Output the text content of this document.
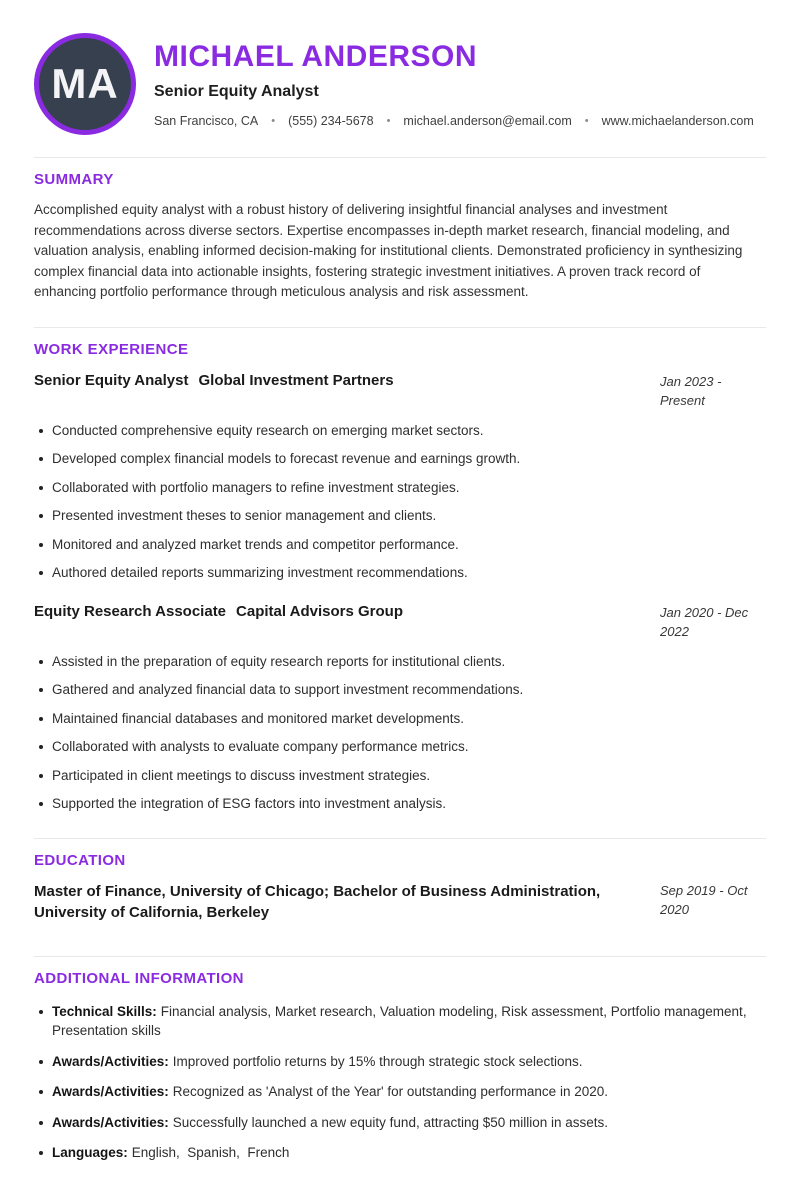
MA
MICHAEL ANDERSON
Senior Equity Analyst
San Francisco, CA • (555) 234-5678 • michael.anderson@email.com • www.michaelanderson.com
SUMMARY

Accomplished equity analyst with a robust history of delivering insightful financial analyses and investment recommendations across diverse sectors. Expertise encompasses in-depth market research, financial modeling, and valuation analysis, enabling informed decision-making for institutional clients. Demonstrated proficiency in synthesizing complex financial data into actionable insights, fostering strategic investment initiatives. A proven track record of enhancing portfolio performance through meticulous analysis and risk assessment.

WORK EXPERIENCE
Senior Equity Analyst Global Investment Partners	Jan 2023 - Present
Conducted comprehensive equity research on emerging market sectors.
Developed complex financial models to forecast revenue and earnings growth.
Collaborated with portfolio managers to refine investment strategies.
Presented investment theses to senior management and clients.
Monitored and analyzed market trends and competitor performance.
Authored detailed reports summarizing investment recommendations.
Equity Research Associate Capital Advisors Group	Jan 2020 - Dec 2022
Assisted in the preparation of equity research reports for institutional clients.
Gathered and analyzed financial data to support investment recommendations.
Maintained financial databases and monitored market developments.
Collaborated with analysts to evaluate company performance metrics.
Participated in client meetings to discuss investment strategies.
Supported the integration of ESG factors into investment analysis.
EDUCATION
Master of Finance, University of Chicago; Bachelor of Business Administration, University of California, Berkeley
Sep 2019 - Oct 2020
ADDITIONAL INFORMATION
Technical Skills: Financial analysis, Market research, Valuation modeling, Risk assessment, Portfolio management, Presentation skills
Awards/Activities: Improved portfolio returns by 15% through strategic stock selections.
Awards/Activities: Recognized as 'Analyst of the Year' for outstanding performance in 2020.
Awards/Activities: Successfully launched a new equity fund, attracting $50 million in assets.
Languages: English,  Spanish,  French
